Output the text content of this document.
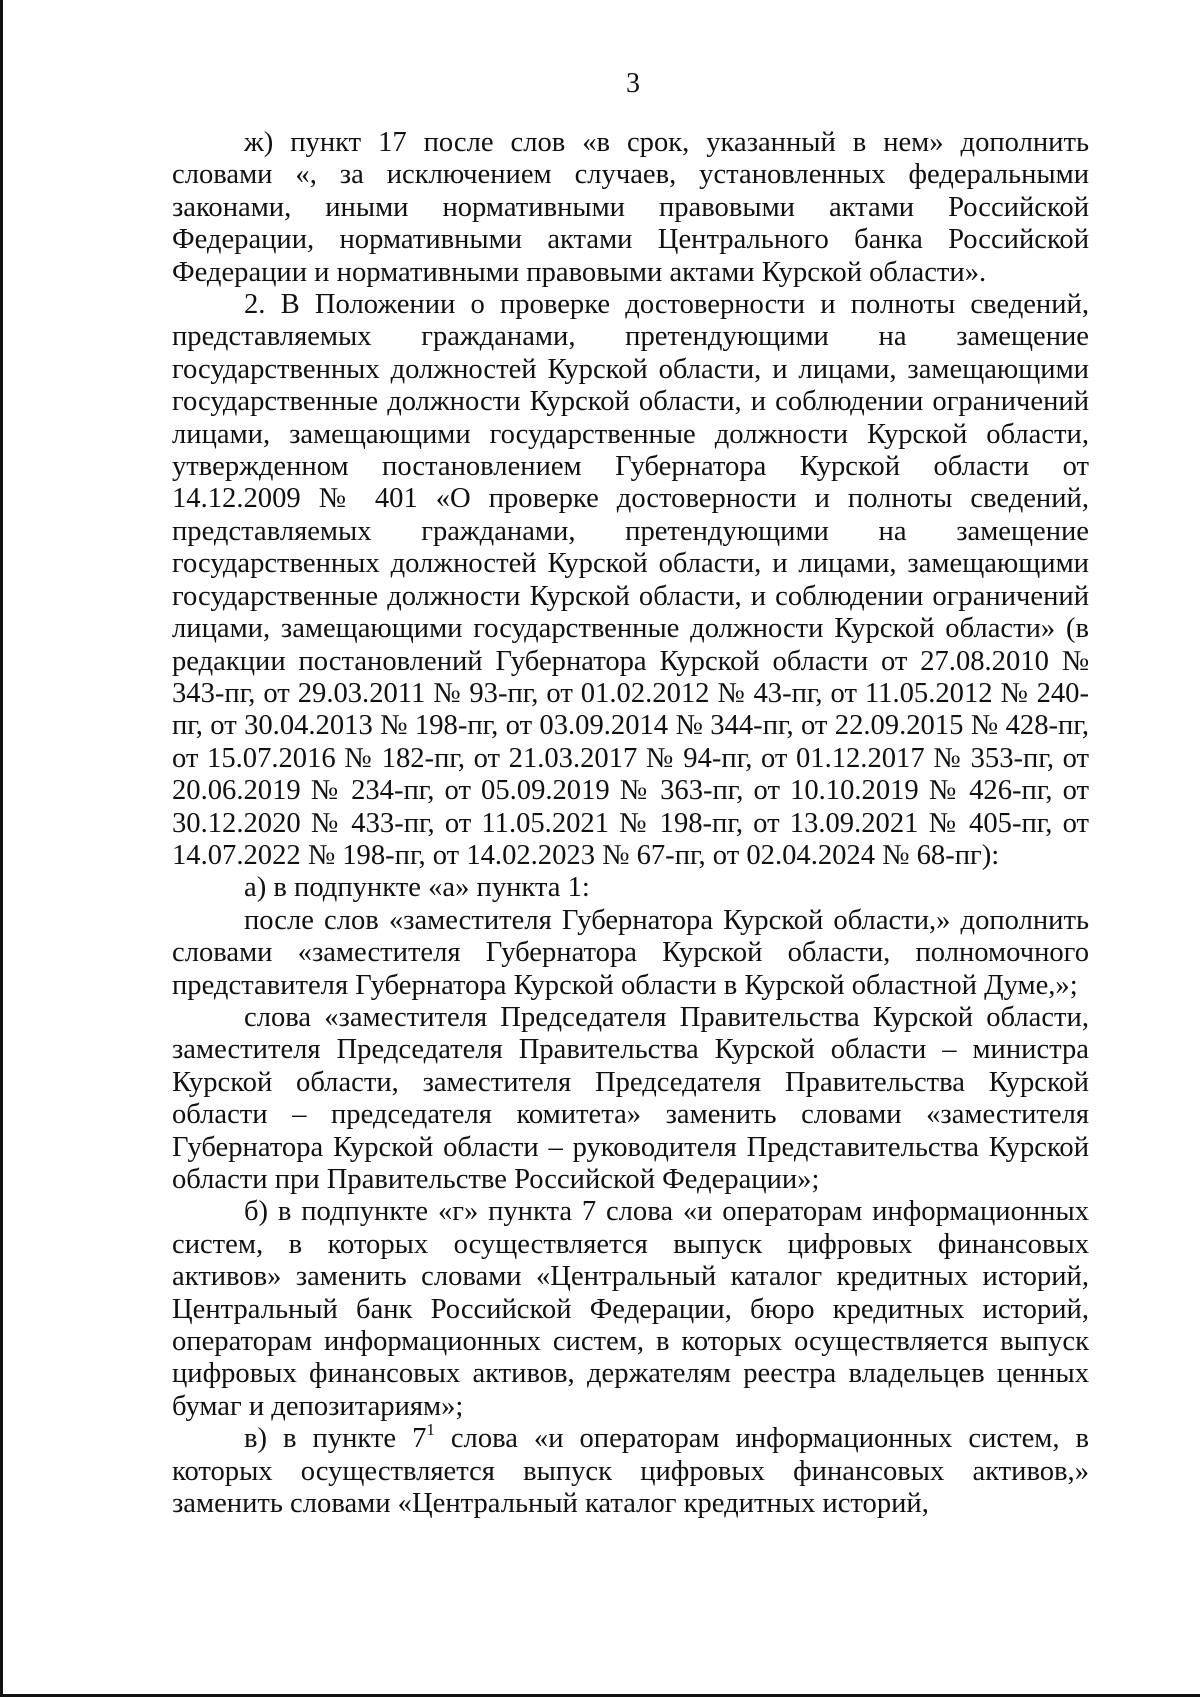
3

ж) пункт 17 после слов «в срок, указанный в нем» дополнить словами «, за исключением случаев, установленных федеральными законами, иными нормативными правовыми актами Российской Федерации, нормативными актами Центрального банка Российской Федерации и нормативными правовыми актами Курской области».

2. В Положении о проверке достоверности и полноты сведений, представляемых гражданами, претендующими на замещение государственных должностей Курской области, и лицами, замещающими государственные должности Курской области, и соблюдении ограничений лицами, замещающими государственные должности Курской области, утвержденном постановлением Губернатора Курской области от 14.12.2009 № 401 «О проверке достоверности и полноты сведений, представляемых гражданами, претендующими на замещение государственных должностей Курской области, и лицами, замещающими государственные должности Курской области, и соблюдении ограничений лицами, замещающими государственные должности Курской области» (в редакции постановлений Губернатора Курской области от 27.08.2010 № 343-пг, от 29.03.2011 № 93-пг, от 01.02.2012 № 43-пг, от 11.05.2012 № 240-пг, от 30.04.2013 № 198-пг, от 03.09.2014 № 344-пг, от 22.09.2015 № 428-пг, от 15.07.2016 № 182-пг, от 21.03.2017 № 94-пг, от 01.12.2017 № 353-пг, от 20.06.2019 № 234-пг, от 05.09.2019 № 363-пг, от 10.10.2019 № 426-пг, от 30.12.2020 № 433-пг, от 11.05.2021 № 198-пг, от 13.09.2021 № 405-пг, от 14.07.2022 № 198-пг, от 14.02.2023 № 67-пг, от 02.04.2024 № 68-пг):

а) в подпункте «а» пункта 1:

после слов «заместителя Губернатора Курской области,» дополнить словами «заместителя Губернатора Курской области, полномочного представителя Губернатора Курской области в Курской областной Думе,»;

слова «заместителя Председателя Правительства Курской области, заместителя Председателя Правительства Курской области – министра Курской области, заместителя Председателя Правительства Курской области – председателя комитета» заменить словами «заместителя Губернатора Курской области – руководителя Представительства Курской области при Правительстве Российской Федерации»;

б) в подпункте «г» пункта 7 слова «и операторам информационных систем, в которых осуществляется выпуск цифровых финансовых активов» заменить словами «Центральный каталог кредитных историй, Центральный банк Российской Федерации, бюро кредитных историй, операторам информационных систем, в которых осуществляется выпуск цифровых финансовых активов, держателям реестра владельцев ценных бумаг и депозитариям»;

в) в пункте $7^1$ слова «и операторам информационных систем, в которых осуществляется выпуск цифровых финансовых активов,» заменить словами «Центральный каталог кредитных историй,
